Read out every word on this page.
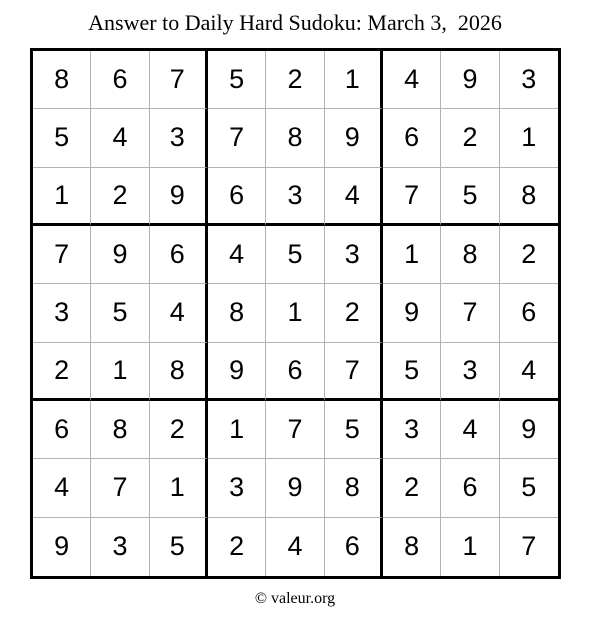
Answer to Daily Hard Sudoku: March 3,  2026
8	6	7	5	2	1	4	9	3
5	4	3	7	8	9	6	2	1
1	2	9	6	3	4	7	5	8
7	9	6	4	5	3	1	8	2
3	5	4	8	1	2	9	7	6
2	1	8	9	6	7	5	3	4
6	8	2	1	7	5	3	4	9
4	7	1	3	9	8	2	6	5
9	3	5	2	4	6	8	1	7
© valeur.org
